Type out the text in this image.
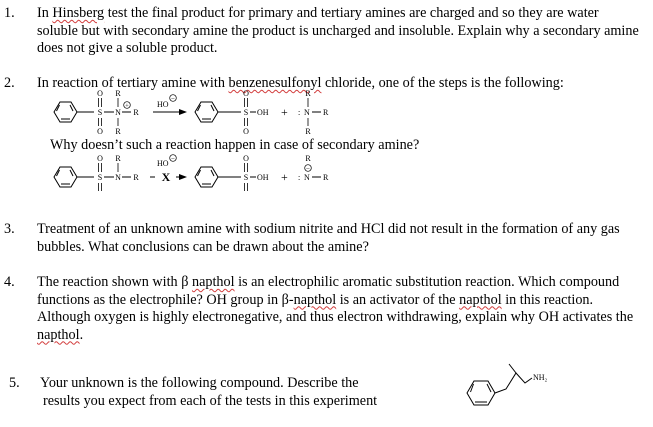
1. In Hinsberg test the final product for primary and tertiary amines are charged and so they are water soluble but with secondary amine the product is uncharged and insoluble. Explain why a secondary amine does not give a soluble product.
2. In reaction of tertiary amine with benzenesulfonyl chloride, one of the steps is the following:
O
S
O
R
N
+
R
R
HO
−
O
S
O
OH + : N
R
R
R
Why doesn’t such a reaction happen in case of secondary amine?
O
S
R
N R
HO
−
X
O
S OH + : N
−
R
R
3. Treatment of an unknown amine with sodium nitrite and HCl did not result in the formation of any gas bubbles. What conclusions can be drawn about the amine?
4. The reaction shown with β napthol is an electrophilic aromatic substitution reaction. Which compound functions as the electrophile? OH group in β-napthol is an activator of the napthol in this reaction. Although oxygen is highly electronegative, and thus electron withdrawing, explain why OH activates the napthol.
5. Your unknown is the following compound. Describe the
results you expect from each of the tests in this experiment
NH₂
